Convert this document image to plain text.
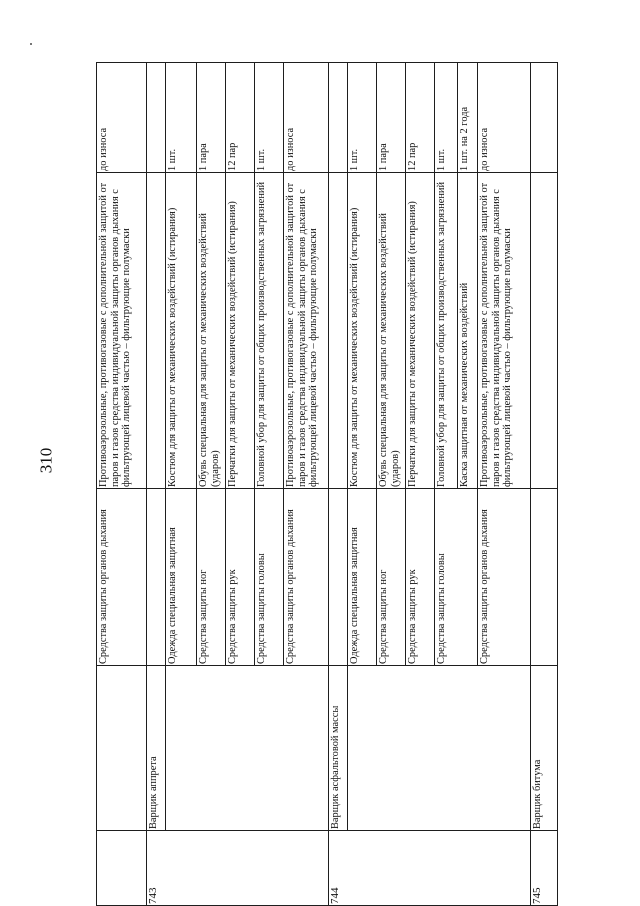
310
Средства защиты органов дыхания
Противоаэрозольные, противогазовые с дополнительной защитой от паров и газов средства индивидуальной защиты органов дыхания с фильтрующей лицевой частью – фильтрующие полумаски
до износа
743
Варщик аппрета
Одежда специальная защитная
Костюм для защиты от механических воздействий (истирания)
1 шт.
Средства защиты ног
Обувь специальная для защиты от механических воздействий (ударов)
1 пара
Средства защиты рук
Перчатки для защиты от механических воздействий (истирания)
12 пар
Средства защиты головы
Головной убор для защиты от общих производственных загрязнений
1 шт.
Средства защиты органов дыхания
Противоаэрозольные, противогазовые с дополнительной защитой от паров и газов средства индивидуальной защиты органов дыхания с фильтрующей лицевой частью – фильтрующие полумаски
до износа
744
Варщик асфальтовой массы
Одежда специальная защитная
Костюм для защиты от механических воздействий (истирания)
1 шт.
Средства защиты ног
Обувь специальная для защиты от механических воздействий (ударов)
1 пара
Средства защиты рук
Перчатки для защиты от механических воздействий (истирания)
12 пар
Средства защиты головы
Головной убор для защиты от общих производственных загрязнений
1 шт.
Каска защитная от механических воздействий
1 шт. на 2 года
Средства защиты органов дыхания
Противоаэрозольные, противогазовые с дополнительной защитой от паров и газов средства индивидуальной защиты органов дыхания с фильтрующей лицевой частью – фильтрующие полумаски
до износа
745
Варщик битума
